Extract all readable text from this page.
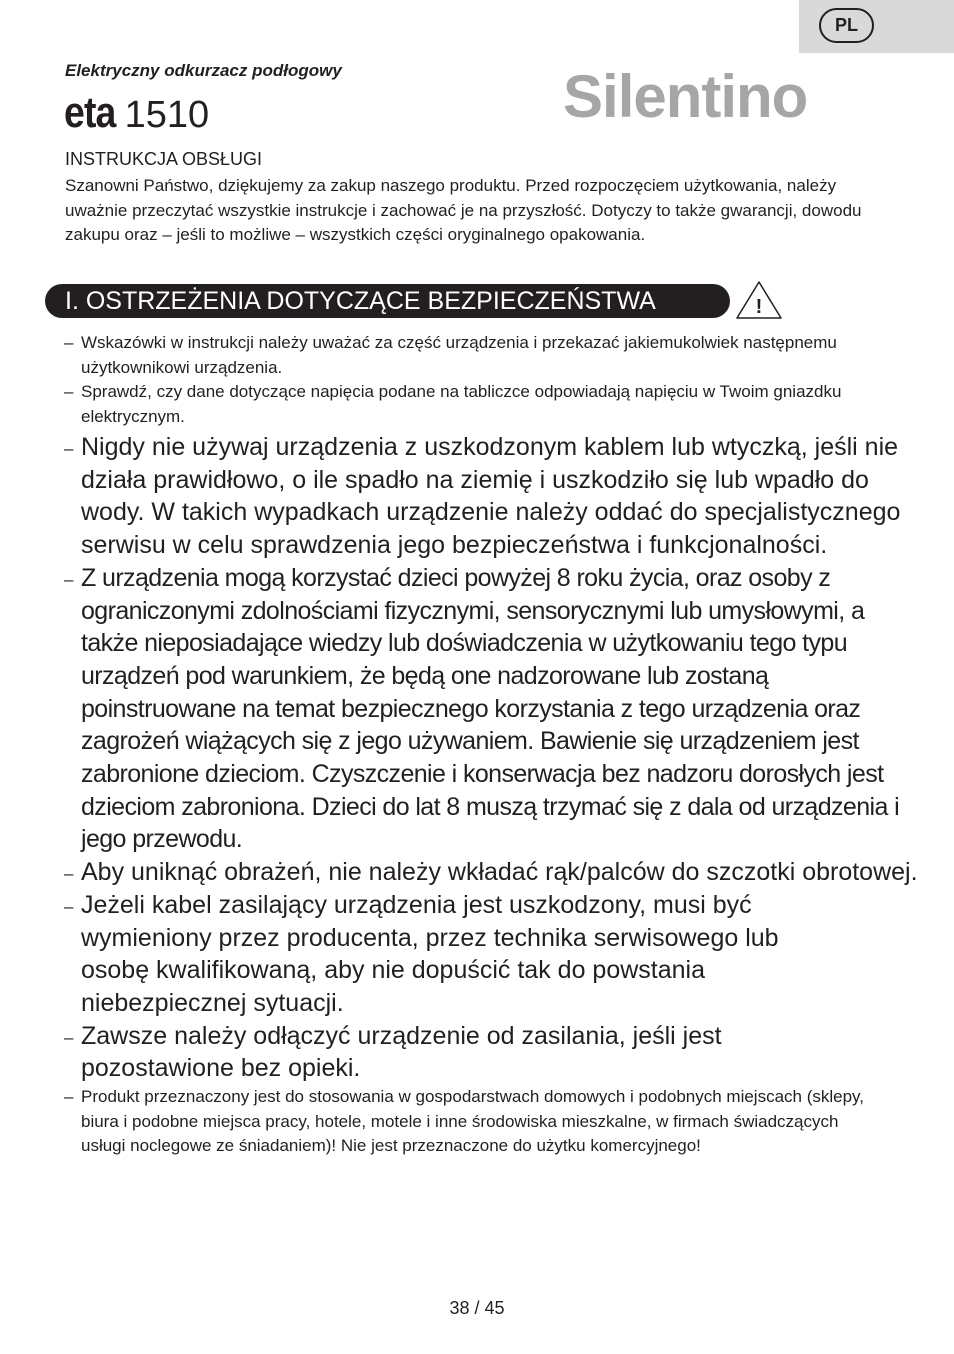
PL
Elektryczny odkurzacz podłogowy
eta 1510	Silentino
INSTRUKCJA OBSŁUGI
Szanowni Państwo, dziękujemy za zakup naszego produktu. Przed rozpoczęciem użytkowania, należy uważnie przeczytać wszystkie instrukcje i zachować je na przyszłość. Dotyczy to także gwarancji, dowodu zakupu oraz – jeśli to możliwe – wszystkich części oryginalnego opakowania.
I. OSTRZEŻENIA DOTYCZĄCE BEZPIECZEŃSTWA	!
– Wskazówki w instrukcji należy uważać za część urządzenia i przekazać jakiemukolwiek następnemu użytkownikowi urządzenia.
– Sprawdź, czy dane dotyczące napięcia podane na tabliczce odpowiadają napięciu w Twoim gniazdku elektrycznym.
– Nigdy nie używaj urządzenia z uszkodzonym kablem lub wtyczką, jeśli nie działa prawidłowo, o ile spadło na ziemię i uszkodziło się lub wpadło do wody. W takich wypadkach urządzenie należy oddać do specjalistycznego serwisu w celu sprawdzenia jego bezpieczeństwa i funkcjonalności.
– Z urządzenia mogą korzystać dzieci powyżej 8 roku życia, oraz osoby z ograniczonymi zdolnościami fizycznymi, sensorycznymi lub umysłowymi, a także nieposiadające wiedzy lub doświadczenia w użytkowaniu tego typu urządzeń pod warunkiem, że będą one nadzorowane lub zostaną poinstruowane na temat bezpiecznego korzystania z tego urządzenia oraz zagrożeń wiążących się z jego używaniem. Bawienie się urządzeniem jest zabronione dzieciom. Czyszczenie i konserwacja bez nadzoru dorosłych jest dzieciom zabroniona. Dzieci do lat 8 muszą trzymać się z dala od urządzenia i jego przewodu.
– Aby uniknąć obrażeń, nie należy wkładać rąk/palców do szczotki obrotowej.
– Jeżeli kabel zasilający urządzenia jest uszkodzony, musi być wymieniony przez producenta, przez technika serwisowego lub osobę kwalifikowaną, aby nie dopuścić tak do powstania niebezpiecznej sytuacji.
– Zawsze należy odłączyć urządzenie od zasilania, jeśli jest pozostawione bez opieki.
– Produkt przeznaczony jest do stosowania w gospodarstwach domowych i podobnych miejscach (sklepy, biura i podobne miejsca pracy, hotele, motele i inne środowiska mieszkalne, w firmach świadczących usługi noclegowe ze śniadaniem)! Nie jest przeznaczone do użytku komercyjnego!
38 / 45
